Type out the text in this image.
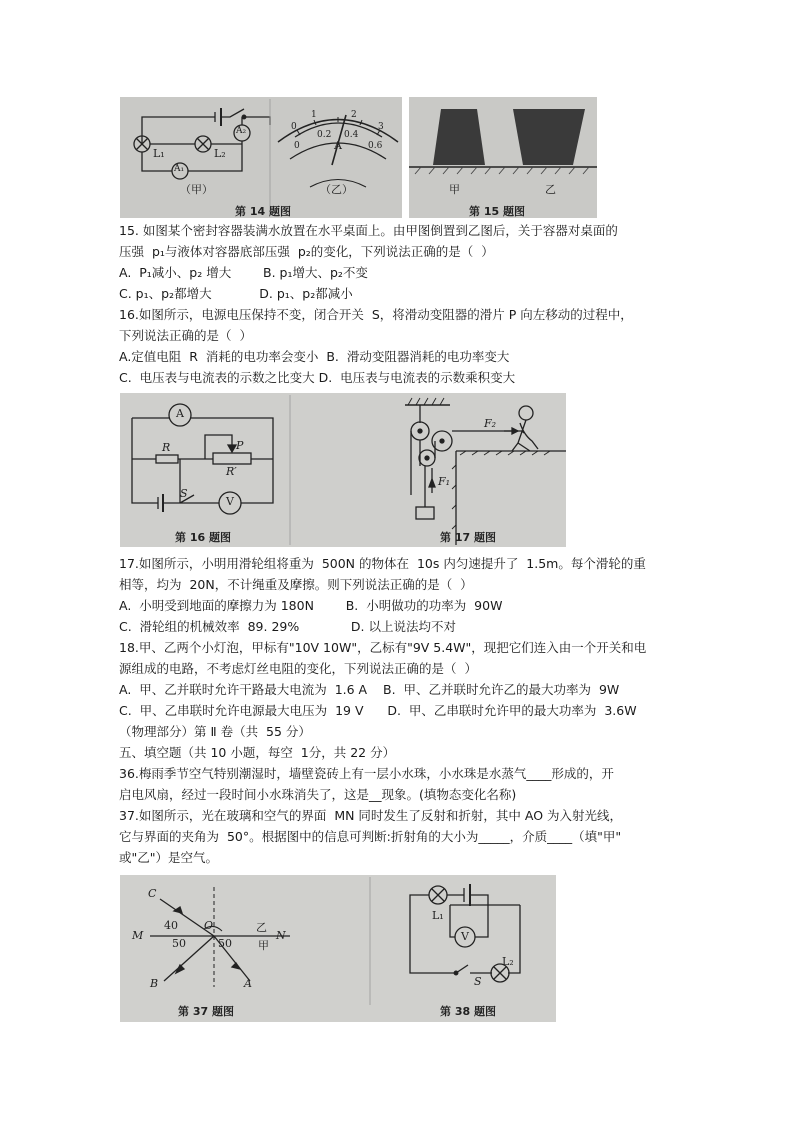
L₁	L₂
A₂
A₁
（甲）
0
1	2
3
0
0.2 0.4
0.6
A
（乙）
第 14 题图
甲	乙
第 15 题图
15. 如图某个密封容器装满水放置在水平桌面上。由甲图倒置到乙图后，关于容器对桌面的
压强  p₁与液体对容器底部压强  p₂的变化，下列说法正确的是（  ）
A.  P₁减小、p₂ 增大        B. p₁增大、p₂不变
C. p₁、p₂都增大            D. p₁、p₂都减小
16.如图所示，电源电压保持不变，闭合开关  S，将滑动变阻器的滑片 P 向左移动的过程中，
下列说法正确的是（  ）
A.定值电阻  R  消耗的电功率会变小  B.  滑动变阻器消耗的电功率变大
C.  电压表与电流表的示数之比变大 D.  电压表与电流表的示数乘积变大
A
R	P
R′
S
V
第 16 题图
F₂
F₁
第 17 题图
17.如图所示，小明用滑轮组将重为  500N 的物体在  10s 内匀速提升了  1.5m。每个滑轮的重
相等，均为  20N，不计绳重及摩擦。则下列说法正确的是（  ）
A.  小明受到地面的摩擦力为 180N        B.  小明做功的功率为  90W
C.  滑轮组的机械效率  89. 29%             D. 以上说法均不对
18.甲、乙两个小灯泡，甲标有"10V 10W"，乙标有"9V 5.4W"，现把它们连入由一个开关和电
源组成的电路，不考虑灯丝电阻的变化，下列说法正确的是（  ）
A.  甲、乙并联时允许干路最大电流为  1.6 A    B.  甲、乙并联时允许乙的最大功率为  9W
C.  甲、乙串联时允许电源最大电压为  19 V      D.  甲、乙串联时允许甲的最大功率为  3.6W
（物理部分）第 Ⅱ 卷（共  55 分）
五、填空题（共 10 小题，每空  1分，共 22 分）
36.梅雨季节空气特别潮湿时，墙壁瓷砖上有一层小水珠，小水珠是水蒸气____形成的，开
启电风扇，经过一段时间小水珠消失了，这是__现象。(填物态变化名称)
37.如图所示，光在玻璃和空气的界面  MN 同时发生了反射和折射，其中 AO 为入射光线，
它与界面的夹角为  50°。根据图中的信息可判断:折射角的大小为_____，介质____（填"甲"
或"乙"）是空气。
C
M
40 O	乙
50	50 甲
N
B	A
第 37 题图
L₁
V
S
L₂
第 38 题图
